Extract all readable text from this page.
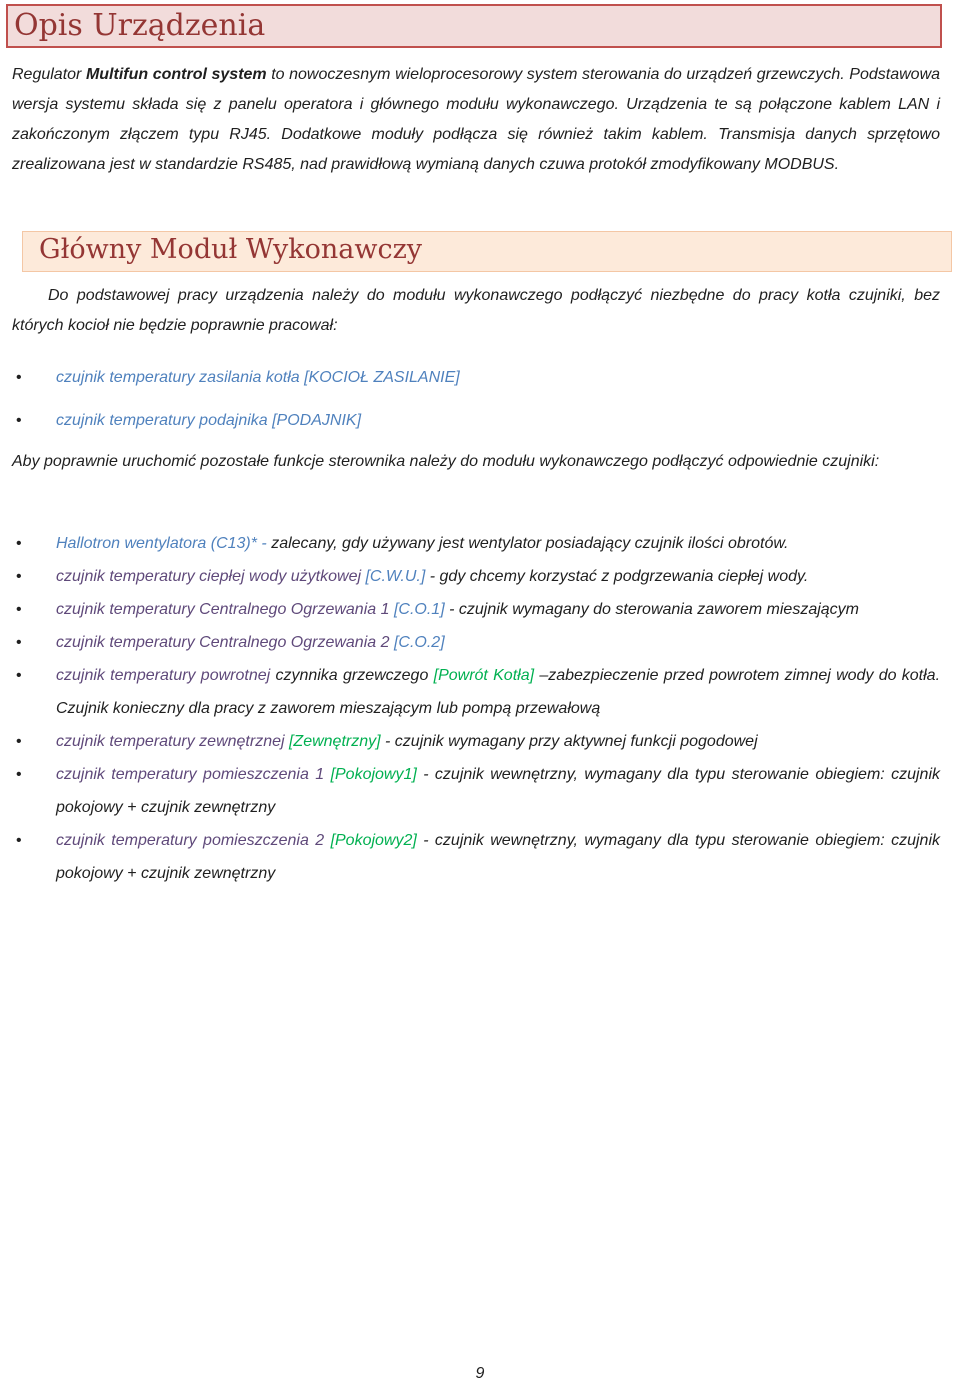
Opis Urządzenia

Regulator Multifun control system to nowoczesnym wieloprocesorowy system sterowania do urządzeń grzewczych. Podstawowa wersja systemu składa się z panelu operatora i głównego modułu wykonawczego. Urządzenia te są połączone kablem LAN i zakończonym złączem typu RJ45. Dodatkowe moduły podłącza się również takim kablem. Transmisja danych sprzętowo zrealizowana jest w standardzie RS485, nad prawidłową wymianą danych czuwa protokół zmodyfikowany MODBUS.

Główny Moduł Wykonawczy

Do podstawowej pracy urządzenia należy do modułu wykonawczego podłączyć niezbędne do pracy kotła czujniki, bez których kocioł nie będzie poprawnie pracował:

• czujnik temperatury zasilania kotła [KOCIOŁ ZASILANIE]
• czujnik temperatury podajnika [PODAJNIK]

Aby poprawnie uruchomić pozostałe funkcje sterownika należy do modułu wykonawczego podłączyć odpowiednie czujniki:

• Hallotron wentylatora (C13)* - zalecany, gdy używany jest wentylator posiadający czujnik ilości obrotów.
• czujnik temperatury ciepłej wody użytkowej [C.W.U.] - gdy chcemy korzystać z podgrzewania ciepłej wody.
• czujnik temperatury Centralnego Ogrzewania 1 [C.O.1] - czujnik wymagany do sterowania zaworem mieszającym
• czujnik temperatury Centralnego Ogrzewania 2 [C.O.2]
• czujnik temperatury powrotnej czynnika grzewczego [Powrót Kotła] –zabezpieczenie przed powrotem zimnej wody do kotła. Czujnik konieczny dla pracy z zaworem mieszającym lub pompą przewałową
• czujnik temperatury zewnętrznej [Zewnętrzny] - czujnik wymagany przy aktywnej funkcji pogodowej
• czujnik temperatury pomieszczenia 1 [Pokojowy1] - czujnik wewnętrzny, wymagany dla typu sterowanie obiegiem: czujnik pokojowy + czujnik zewnętrzny
• czujnik temperatury pomieszczenia 2 [Pokojowy2] - czujnik wewnętrzny, wymagany dla typu sterowanie obiegiem: czujnik pokojowy + czujnik zewnętrzny
9
